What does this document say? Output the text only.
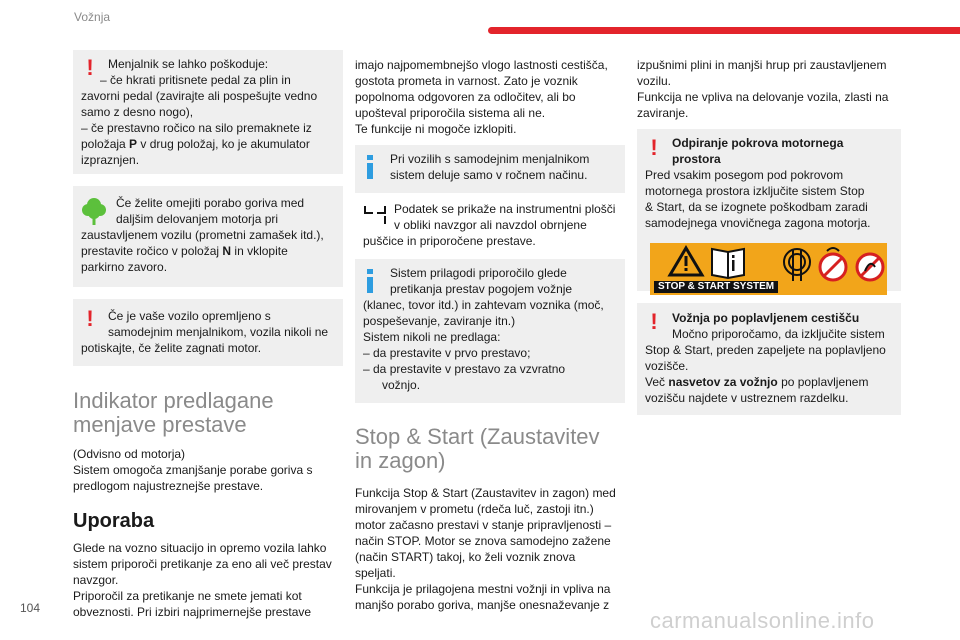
Vožnja
!	Menjalnik se lahko poškoduje:
– če hkrati pritisnete pedal za plin in
zavorni pedal (zavirajte ali pospešujte vedno
samo z desno nogo),
– če prestavno ročico na silo premaknete iz
položaja P v drug položaj, ko je akumulator
izpraznjen.
Če želite omejiti porabo goriva med
daljšim delovanjem motorja pri
zaustavljenem vozilu (prometni zamašek itd.),
prestavite ročico v položaj N in vklopite
parkirno zavoro.
!	Če je vaše vozilo opremljeno s
samodejnim menjalnikom, vozila nikoli ne
potiskajte, če želite zagnati motor.
Indikator predlagane
menjave prestave
(Odvisno od motorja)
Sistem omogoča zmanjšanje porabe goriva s
predlogom najustreznejše prestave.
Uporaba
Glede na vozno situacijo in opremo vozila lahko
sistem priporoči pretikanje za eno ali več prestav
navzgor.
Priporočil za pretikanje ne smete jemati kot
obveznosti. Pri izbiri najprimernejše prestave
imajo najpomembnejšo vlogo lastnosti cestišča,
gostota prometa in varnost. Zato je voznik
popolnoma odgovoren za odločitev, ali bo
upošteval priporočila sistema ali ne.
Te funkcije ni mogoče izklopiti.
Pri vozilih s samodejnim menjalnikom
sistem deluje samo v ročnem načinu.
Podatek se prikaže na instrumentni plošči
v obliki navzgor ali navzdol obrnjene
puščice in priporočene prestave.
Sistem prilagodi priporočilo glede
pretikanja prestav pogojem vožnje
(klanec, tovor itd.) in zahtevam voznika (moč,
pospeševanje, zaviranje itn.)
Sistem nikoli ne predlaga:
– da prestavite v prvo prestavo;
– da prestavite v prestavo za vzvratno
vožnjo.
Stop & Start (Zaustavitev
in zagon)
Funkcija Stop & Start (Zaustavitev in zagon) med
mirovanjem v prometu (rdeča luč, zastoji itn.)
motor začasno prestavi v stanje pripravljenosti –
način STOP. Motor se znova samodejno zažene
(način START) takoj, ko želi voznik znova
speljati.
Funkcija je prilagojena mestni vožnji in vpliva na
manjšo porabo goriva, manjše onesnaževanje z
izpušnimi plini in manjši hrup pri zaustavljenem
vozilu.
Funkcija ne vpliva na delovanje vozila, zlasti na
zaviranje.
!	Odpiranje pokrova motornega
prostora
Pred vsakim posegom pod pokrovom
motornega prostora izključite sistem Stop
& Start, da se izognete poškodbam zaradi
samodejnega vnovičnega zagona motorja.
STOP & START SYSTEM
!	Vožnja po poplavljenem cestišču
Močno priporočamo, da izključite sistem
Stop & Start, preden zapeljete na poplavljeno
vozišče.
Več nasvetov za vožnjo po poplavljenem
vozišču najdete v ustreznem razdelku.
104	carmanualsonline.info
